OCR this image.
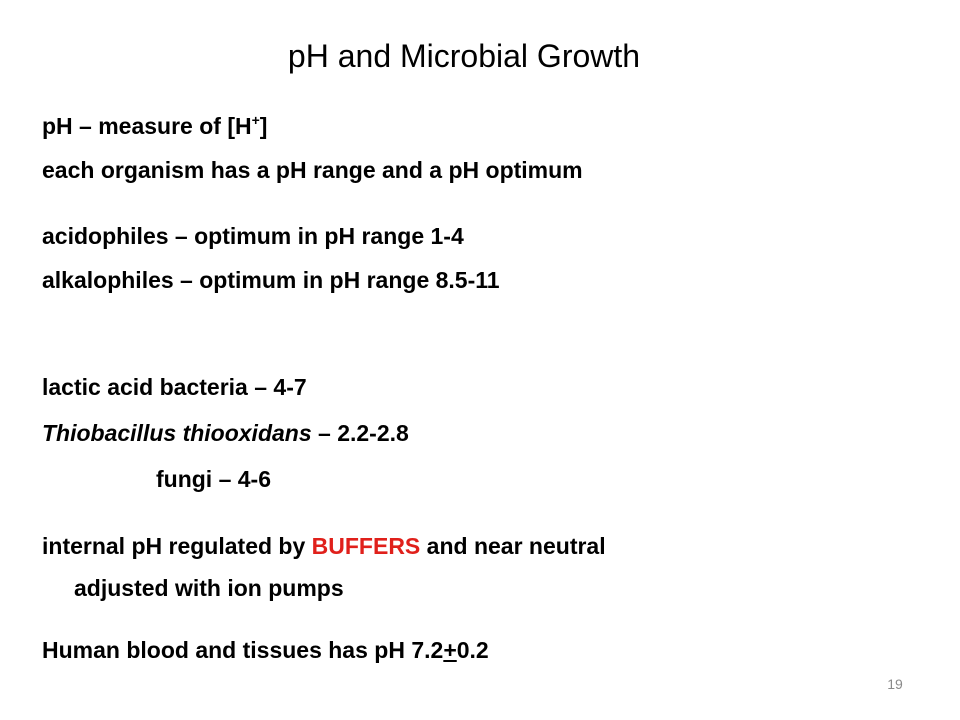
pH and Microbial Growth
pH – measure of [H+]
each organism has a pH range and a pH optimum
acidophiles – optimum in pH range 1-4
alkalophiles – optimum in pH range 8.5-11
lactic acid bacteria – 4-7
Thiobacillus thiooxidans – 2.2-2.8
fungi – 4-6
internal pH regulated by BUFFERS and near neutral
adjusted with ion pumps
Human blood and tissues has pH 7.2+0.2
19
